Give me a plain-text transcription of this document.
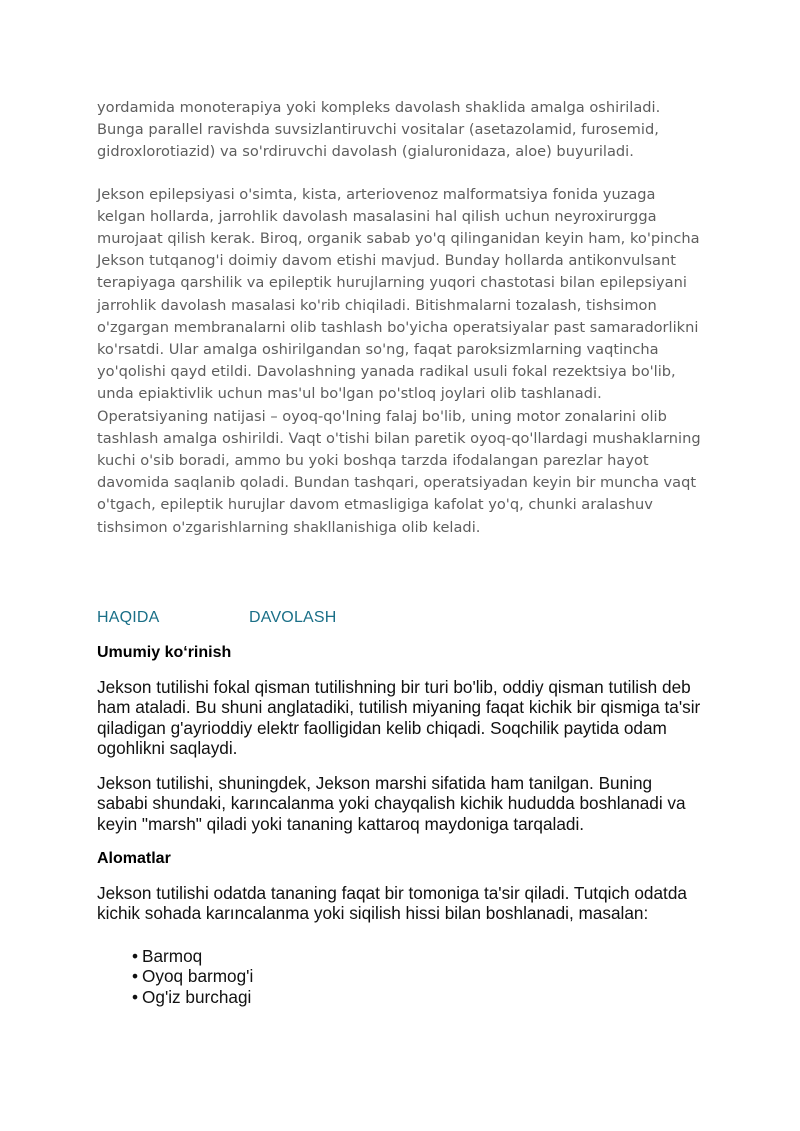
yordamida monoterapiya yoki kompleks davolash shaklida amalga oshiriladi. Bunga parallel ravishda suvsizlantiruvchi vositalar (asetazolamid, furosemid, gidroxlorotiazid) va so'rdiruvchi davolash (gialuronidaza, aloe) buyuriladi.

Jekson epilepsiyasi o'simta, kista, arteriovenoz malformatsiya fonida yuzaga kelgan hollarda, jarrohlik davolash masalasini hal qilish uchun neyroxirurgga murojaat qilish kerak. Biroq, organik sabab yo'q qilinganidan keyin ham, ko'pincha Jekson tutqanog'i doimiy davom etishi mavjud. Bunday hollarda antikonvulsant terapiyaga qarshilik va epileptik hurujlarning yuqori chastotasi bilan epilepsiyani jarrohlik davolash masalasi ko'rib chiqiladi. Bitishmalarni tozalash, tishsimon o'zgargan membranalarni olib tashlash bo'yicha operatsiyalar past samaradorlikni ko'rsatdi. Ular amalga oshirilgandan so'ng, faqat paroksizmlarning vaqtincha yo'qolishi qayd etildi. Davolashning yanada radikal usuli fokal rezektsiya bo'lib, unda epiaktivlik uchun mas'ul bo'lgan po'stloq joylari olib tashlanadi. Operatsiyaning natijasi – oyoq-qo'lning falaj bo'lib, uning motor zonalarini olib tashlash amalga oshirildi. Vaqt o'tishi bilan paretik oyoq-qo'llardagi mushaklarning kuchi o'sib boradi, ammo bu yoki boshqa tarzda ifodalangan parezlar hayot davomida saqlanib qoladi. Bundan tashqari, operatsiyadan keyin bir muncha vaqt o'tgach, epileptik hurujlar davom etmasligiga kafolat yo'q, chunki aralashuv tishsimon o'zgarishlarning shakllanishiga olib keladi.

HAQIDA	DAVOLASH
Umumiy ko‘rinish

Jekson tutilishi fokal qisman tutilishning bir turi bo'lib, oddiy qisman tutilish deb ham ataladi. Bu shuni anglatadiki, tutilish miyaning faqat kichik bir qismiga ta'sir qiladigan g'ayrioddiy elektr faolligidan kelib chiqadi. Soqchilik paytida odam ogohlikni saqlaydi.

Jekson tutilishi, shuningdek, Jekson marshi sifatida ham tanilgan. Buning sababi shundaki, karıncalanma yoki chayqalish kichik hududda boshlanadi va keyin "marsh" qiladi yoki tananing kattaroq maydoniga tarqaladi.

Alomatlar

Jekson tutilishi odatda tananing faqat bir tomoniga ta'sir qiladi. Tutqich odatda kichik sohada karıncalanma yoki siqilish hissi bilan boshlanadi, masalan:

• Barmoq
• Oyoq barmog'i
• Og'iz burchagi
